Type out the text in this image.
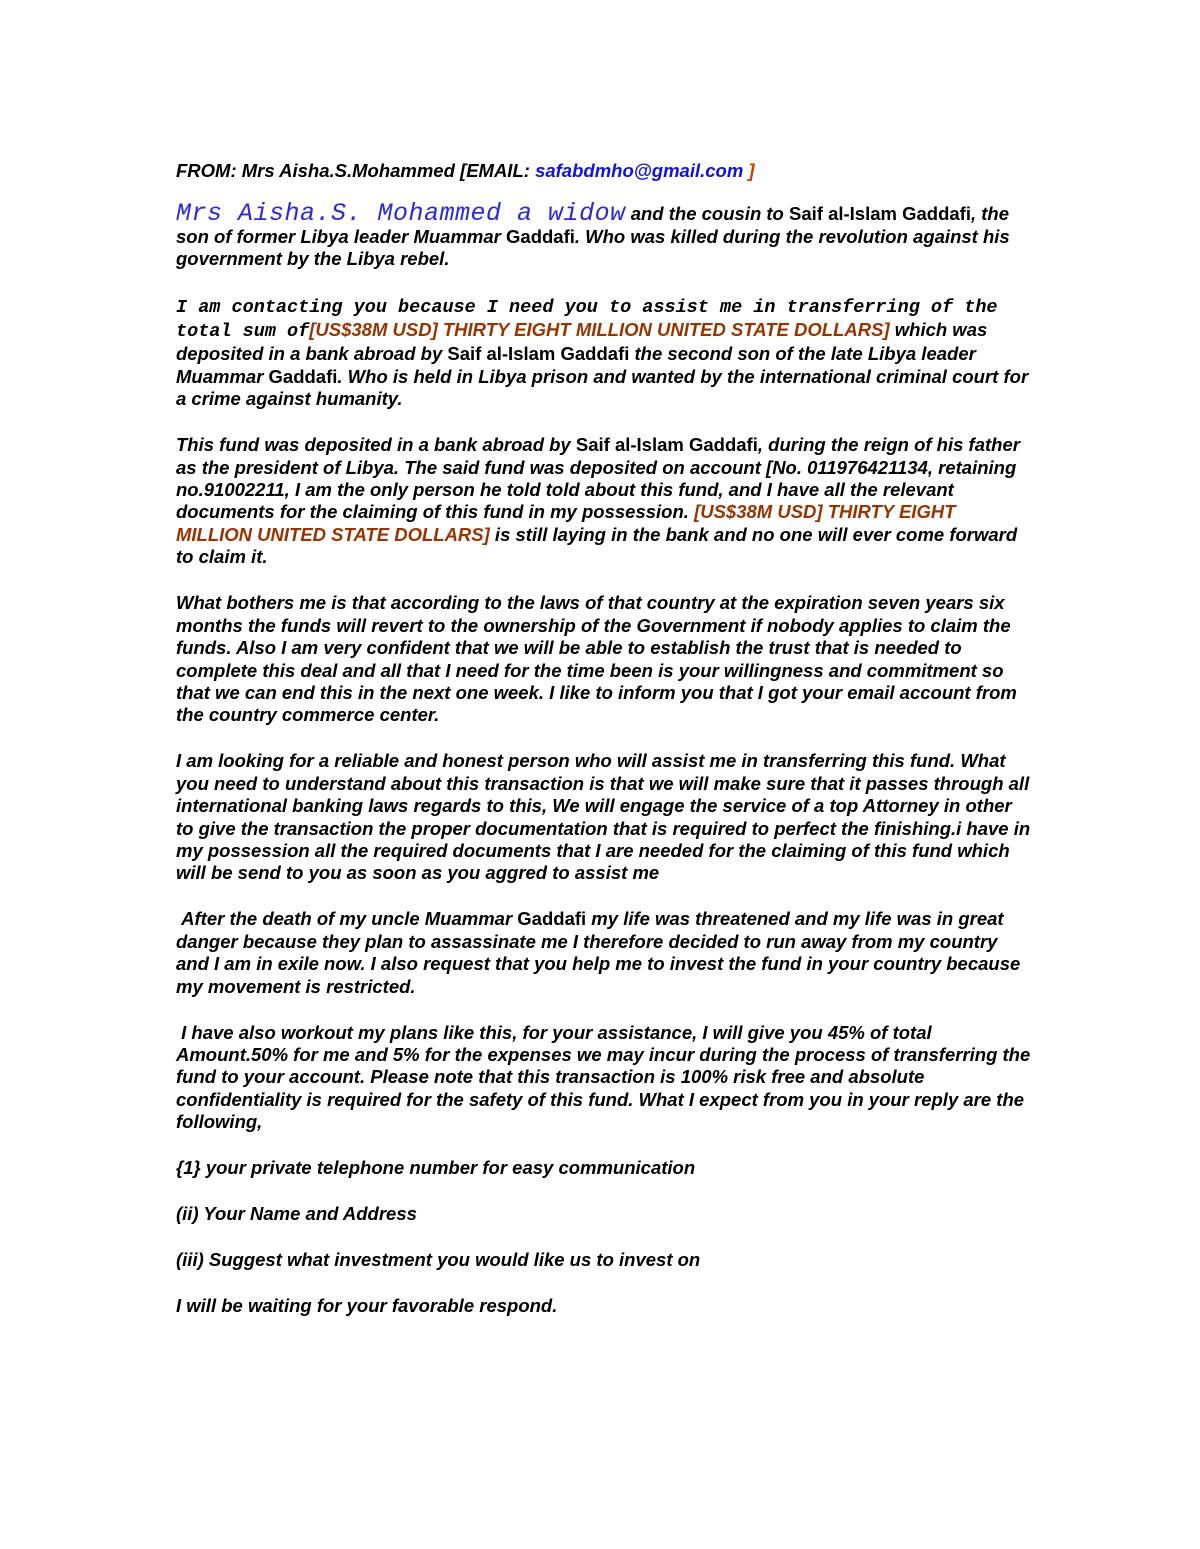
FROM: Mrs Aisha.S.Mohammed [EMAIL: safabdmho@gmail.com ]

Mrs Aisha.S. Mohammed a widow and the cousin to Saif al-Islam Gaddafi, the son of former Libya leader Muammar Gaddafi. Who was killed during the revolution against his government by the Libya rebel.

I am contacting you because I need you to assist me in transferring of the total sum of[US$38M USD] THIRTY EIGHT MILLION UNITED STATE DOLLARS] which was deposited in a bank abroad by Saif al-Islam Gaddafi the second son of the late Libya leader Muammar Gaddafi. Who is held in Libya prison and wanted by the international criminal court for a crime against humanity.

This fund was deposited in a bank abroad by Saif al-Islam Gaddafi, during the reign of his father as the president of Libya. The said fund was deposited on account [No. 011976421134, retaining no.91002211, I am the only person he told told about this fund, and I have all the relevant documents for the claiming of this fund in my possession. [US$38M USD] THIRTY EIGHT MILLION UNITED STATE DOLLARS] is still laying in the bank and no one will ever come forward to claim it.

What bothers me is that according to the laws of that country at the expiration seven years six months the funds will revert to the ownership of the Government if nobody applies to claim the funds. Also I am very confident that we will be able to establish the trust that is needed to complete this deal and all that I need for the time been is your willingness and commitment so that we can end this in the next one week. I like to inform you that I got your email account from the country commerce center.

I am looking for a reliable and honest person who will assist me in transferring this fund. What you need to understand about this transaction is that we will make sure that it passes through all international banking laws regards to this, We will engage the service of a top Attorney in other to give the transaction the proper documentation that is required to perfect the finishing.i have in my possession all the required documents that I are needed for the claiming of this fund which will be send to you as soon as you aggred to assist me

After the death of my uncle Muammar Gaddafi my life was threatened and my life was in great danger because they plan to assassinate me I therefore decided to run away from my country and I am in exile now. I also request that you help me to invest the fund in your country because my movement is restricted.

I have also workout my plans like this, for your assistance, I will give you 45% of total Amount.50% for me and 5% for the expenses we may incur during the process of transferring the fund to your account. Please note that this transaction is 100% risk free and absolute confidentiality is required for the safety of this fund. What I expect from you in your reply are the following,

{1} your private telephone number for easy communication

(ii) Your Name and Address

(iii) Suggest what investment you would like us to invest on

I will be waiting for your favorable respond.
